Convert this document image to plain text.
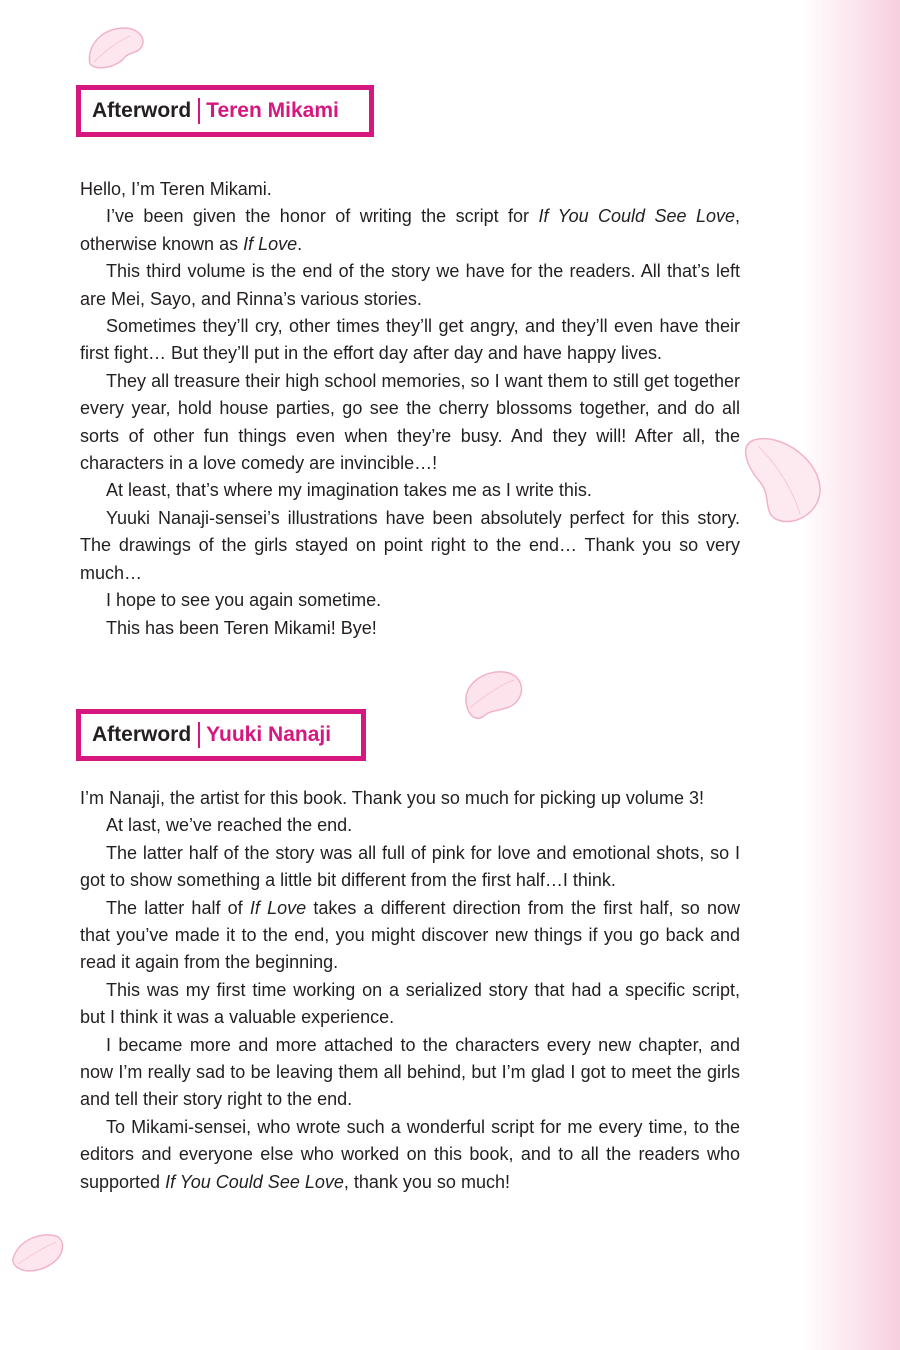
Afterword Teren Mikami

Hello, I’m Teren Mikami.

I’ve been given the honor of writing the script for If You Could See Love, otherwise known as If Love.

This third volume is the end of the story we have for the readers. All that’s left are Mei, Sayo, and Rinna’s various stories.

Sometimes they’ll cry, other times they’ll get angry, and they’ll even have their first fight… But they’ll put in the effort day after day and have happy lives.

They all treasure their high school memories, so I want them to still get together every year, hold house parties, go see the cherry blossoms together, and do all sorts of other fun things even when they’re busy. And they will! After all, the characters in a love comedy are invincible…!

At least, that’s where my imagination takes me as I write this.

Yuuki Nanaji-sensei’s illustrations have been absolutely perfect for this story. The drawings of the girls stayed on point right to the end… Thank you so very much…

I hope to see you again sometime.

This has been Teren Mikami! Bye!

Afterword Yuuki Nanaji

I’m Nanaji, the artist for this book. Thank you so much for picking up volume 3!

At last, we’ve reached the end.

The latter half of the story was all full of pink for love and emotional shots, so I got to show something a little bit different from the first half…I think.

The latter half of If Love takes a different direction from the first half, so now that you’ve made it to the end, you might discover new things if you go back and read it again from the beginning.

This was my first time working on a serialized story that had a specific script, but I think it was a valuable experience.

I became more and more attached to the characters every new chapter, and now I’m really sad to be leaving them all behind, but I’m glad I got to meet the girls and tell their story right to the end.

To Mikami-sensei, who wrote such a wonderful script for me every time, to the editors and everyone else who worked on this book, and to all the readers who supported If You Could See Love, thank you so much!
